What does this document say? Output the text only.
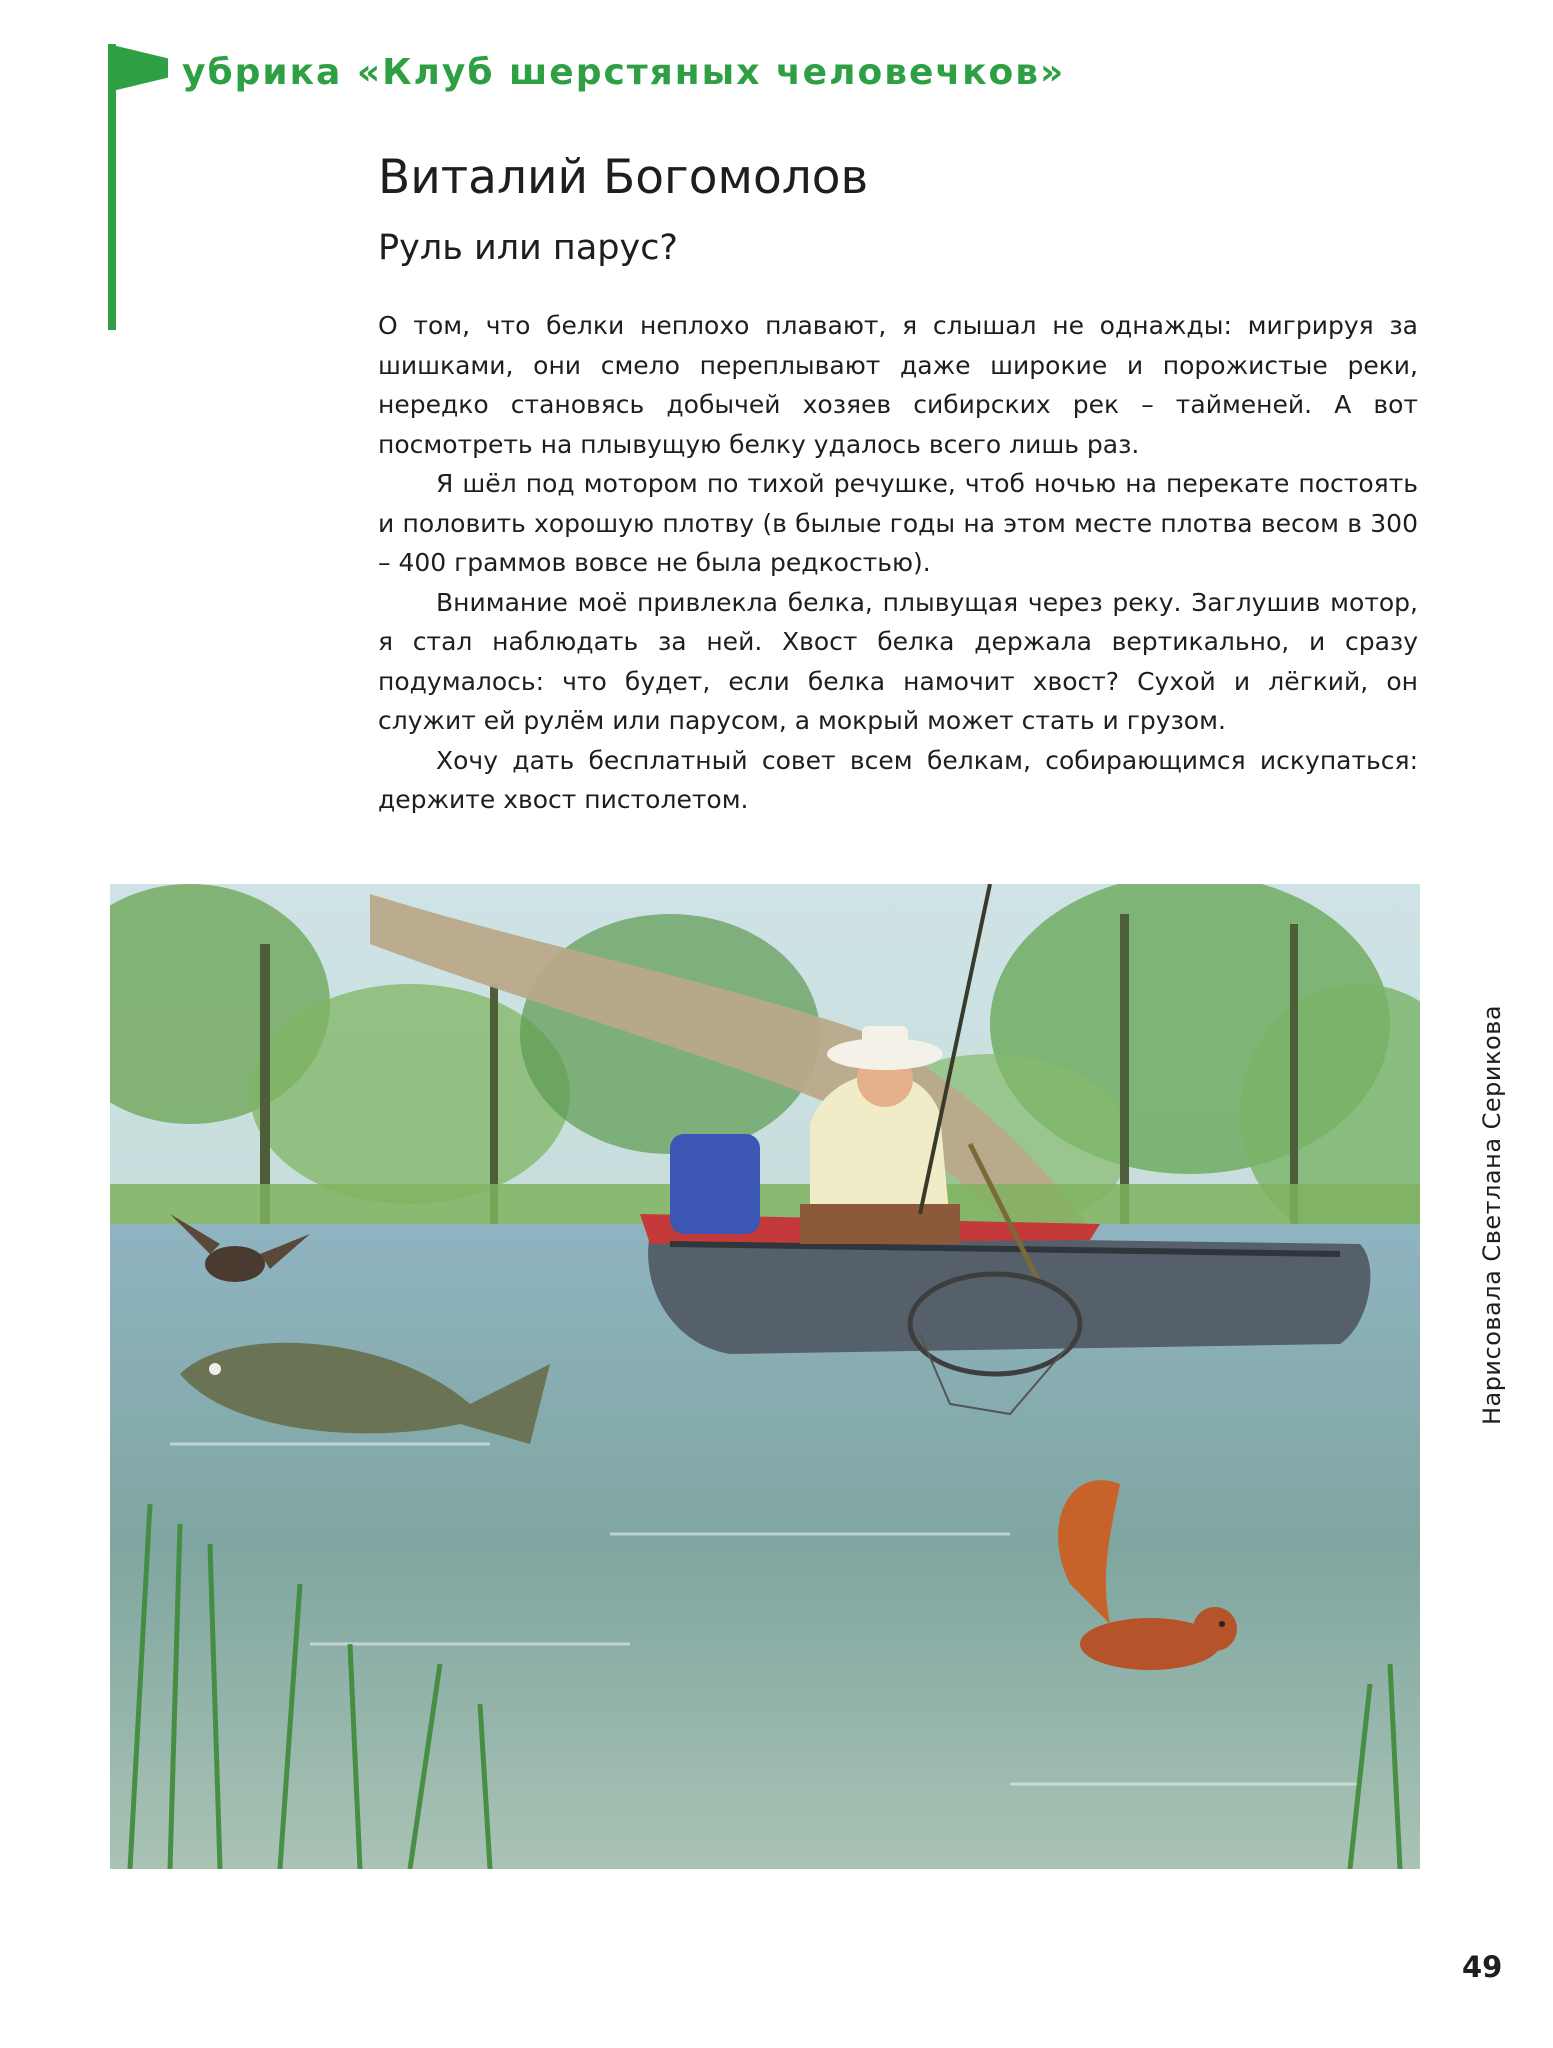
убрика «Клуб шерстяных человечков»
Виталий Богомолов
Руль или парус?

О том, что белки неплохо плавают, я слышал не однажды: мигрируя за шишками, они смело переплывают даже широкие и порожистые реки, нередко становясь добычей хозяев сибирских рек – тайменей. А вот посмотреть на плывущую белку удалось всего лишь раз.

Я шёл под мотором по тихой речушке, чтоб ночью на перекате постоять и половить хорошую плотву (в былые годы на этом месте плотва весом в 300 – 400 граммов вовсе не была редкостью).

Внимание моё привлекла белка, плывущая через реку. Заглушив мотор, я стал наблюдать за ней. Хвост белка держала вертикально, и сразу подумалось: что будет, если белка намочит хвост? Сухой и лёгкий, он служит ей рулём или парусом, а мокрый может стать и грузом.

Хочу дать бесплатный совет всем белкам, собирающимся искупаться: держите хвост пистолетом.

Нарисовала Светлана Серикова
49
